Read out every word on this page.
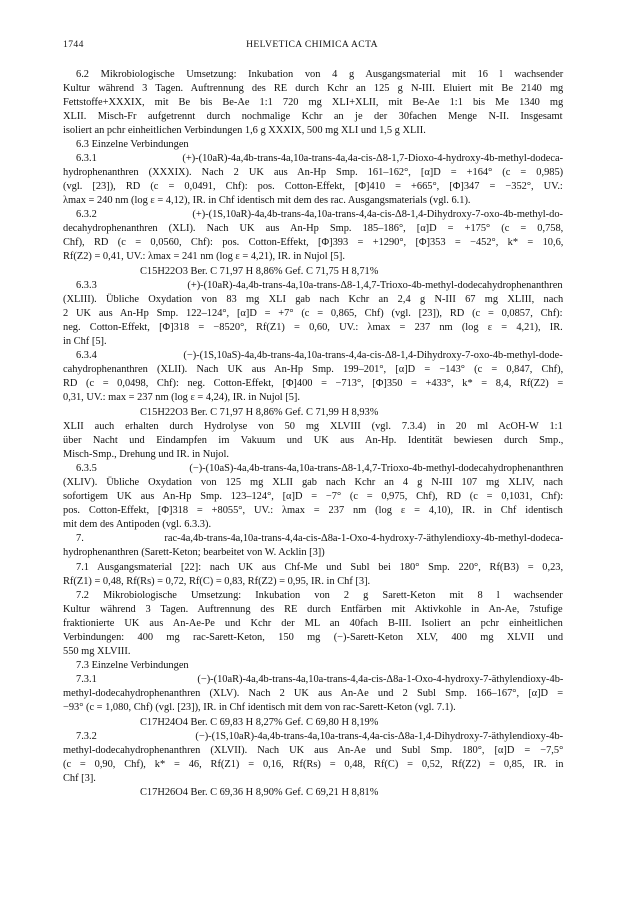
1744	HELVETICA CHIMICA ACTA
6.2 Mikrobiologische Umsetzung: Inkubation von 4 g Ausgangsmaterial mit 16 l wachsender
Kultur während 3 Tagen. Auftrennung des RE durch Kchr an 125 g N-III. Eluiert mit Be 2140 mg
Fettstoffe+XXXIX, mit Be bis Be-Ae 1:1 720 mg XLI+XLII, mit Be-Ae 1:1 bis Me 1340 mg
XLII. Misch-Fr aufgetrennt durch nochmalige Kchr an je der 30fachen Menge N-II. Insgesamt
isoliert an pchr einheitlichen Verbindungen 1,6 g XXXIX, 500 mg XLI und 1,5 g XLII.
6.3 Einzelne Verbindungen
6.3.1 (+)-(10aR)-4a,4b-trans-4a,10a-trans-4a,4a-cis-Δ8-1,7-Dioxo-4-hydroxy-4b-methyl-dodeca-
hydrophenanthren (XXXIX). Nach 2 UK aus An-Hp Smp. 161–162°, [α]D = +164° (c = 0,985)
(vgl. [23]), RD (c = 0,0491, Chf): pos. Cotton-Effekt, [Φ]410 = +665°, [Φ]347 = −352°, UV.:
λmax = 240 nm (log ε = 4,12), IR. in Chf identisch mit dem des rac. Ausgangsmaterials (vgl. 6.1).
6.3.2 (+)-(1S,10aR)-4a,4b-trans-4a,10a-trans-4,4a-cis-Δ8-1,4-Dihydroxy-7-oxo-4b-methyl-do-
decahydrophenanthren (XLI). Nach UK aus An-Hp Smp. 185–186°, [α]D = +175° (c = 0,758,
Chf), RD (c = 0,0560, Chf): pos. Cotton-Effekt, [Φ]393 = +1290°, [Φ]353 = −452°, k* = 10,6,
Rf(Z2) = 0,41, UV.: λmax = 241 nm (log ε = 4,21), IR. in Nujol [5].
C15H22O3 Ber. C 71,97 H 8,86% Gef. C 71,75 H 8,71%
6.3.3 (+)-(10aR)-4a,4b-trans-4a,10a-trans-Δ8-1,4,7-Trioxo-4b-methyl-dodecahydrophenanthren
(XLIII). Übliche Oxydation von 83 mg XLI gab nach Kchr an 2,4 g N-III 67 mg XLIII, nach
2 UK aus An-Hp Smp. 122–124°, [α]D = +7° (c = 0,865, Chf) (vgl. [23]), RD (c = 0,0857, Chf):
neg. Cotton-Effekt, [Φ]318 = −8520°, Rf(Z1) = 0,60, UV.: λmax = 237 nm (log ε = 4,21), IR.
in Chf [5].
6.3.4 (−)-(1S,10aS)-4a,4b-trans-4a,10a-trans-4,4a-cis-Δ8-1,4-Dihydroxy-7-oxo-4b-methyl-dode-
cahydrophenanthren (XLII). Nach UK aus An-Hp Smp. 199–201°, [α]D = −143° (c = 0,847, Chf),
RD (c = 0,0498, Chf): neg. Cotton-Effekt, [Φ]400 = −713°, [Φ]350 = +433°, k* = 8,4, Rf(Z2) =
0,31, UV.: max = 237 nm (log ε = 4,24), IR. in Nujol [5].
C15H22O3 Ber. C 71,97 H 8,86% Gef. C 71,99 H 8,93%
XLII auch erhalten durch Hydrolyse von 50 mg XLVIII (vgl. 7.3.4) in 20 ml AcOH-W 1:1
über Nacht und Eindampfen im Vakuum und UK aus An-Hp. Identität bewiesen durch Smp.,
Misch-Smp., Drehung und IR. in Nujol.
6.3.5 (−)-(10aS)-4a,4b-trans-4a,10a-trans-Δ8-1,4,7-Trioxo-4b-methyl-dodecahydrophenanthren
(XLIV). Übliche Oxydation von 125 mg XLII gab nach Kchr an 4 g N-III 107 mg XLIV, nach
sofortigem UK aus An-Hp Smp. 123–124°, [α]D = −7° (c = 0,975, Chf), RD (c = 0,1031, Chf):
pos. Cotton-Effekt, [Φ]318 = +8055°, UV.: λmax = 237 nm (log ε = 4,10), IR. in Chf identisch
mit dem des Antipoden (vgl. 6.3.3).
7. rac-4a,4b-trans-4a,10a-trans-4,4a-cis-Δ8a-1-Oxo-4-hydroxy-7-äthylendioxy-4b-methyl-dodeca-
hydrophenanthren (Sarett-Keton; bearbeitet von W. Acklin [3])
7.1 Ausgangsmaterial [22]: nach UK aus Chf-Me und Subl bei 180° Smp. 220°, Rf(B3) = 0,23,
Rf(Z1) = 0,48, Rf(Rs) = 0,72, Rf(C) = 0,83, Rf(Z2) = 0,95, IR. in Chf [3].
7.2 Mikrobiologische Umsetzung: Inkubation von 2 g Sarett-Keton mit 8 l wachsender
Kultur während 3 Tagen. Auftrennung des RE durch Entfärben mit Aktivkohle in An-Ae, 7stufige
fraktionierte UK aus An-Ae-Pe und Kchr der ML an 40fach B-III. Isoliert an pchr einheitlichen
Verbindungen: 400 mg rac-Sarett-Keton, 150 mg (−)-Sarett-Keton XLV, 400 mg XLVII und
550 mg XLVIII.
7.3 Einzelne Verbindungen
7.3.1 (−)-(10aR)-4a,4b-trans-4a,10a-trans-4,4a-cis-Δ8a-1-Oxo-4-hydroxy-7-äthylendioxy-4b-
methyl-dodecahydrophenanthren (XLV). Nach 2 UK aus An-Ae und 2 Subl Smp. 166–167°, [α]D =
−93° (c = 1,080, Chf) (vgl. [23]), IR. in Chf identisch mit dem von rac-Sarett-Keton (vgl. 7.1).
C17H24O4 Ber. C 69,83 H 8,27% Gef. C 69,80 H 8,19%
7.3.2 (−)-(1S,10aR)-4a,4b-trans-4a,10a-trans-4,4a-cis-Δ8a-1,4-Dihydroxy-7-äthylendioxy-4b-
methyl-dodecahydrophenanthren (XLVII). Nach UK aus An-Ae und Subl Smp. 180°, [α]D = −7,5°
(c = 0,90, Chf), k* = 46, Rf(Z1) = 0,16, Rf(Rs) = 0,48, Rf(C) = 0,52, Rf(Z2) = 0,85, IR. in
Chf [3].
C17H26O4 Ber. C 69,36 H 8,90% Gef. C 69,21 H 8,81%
